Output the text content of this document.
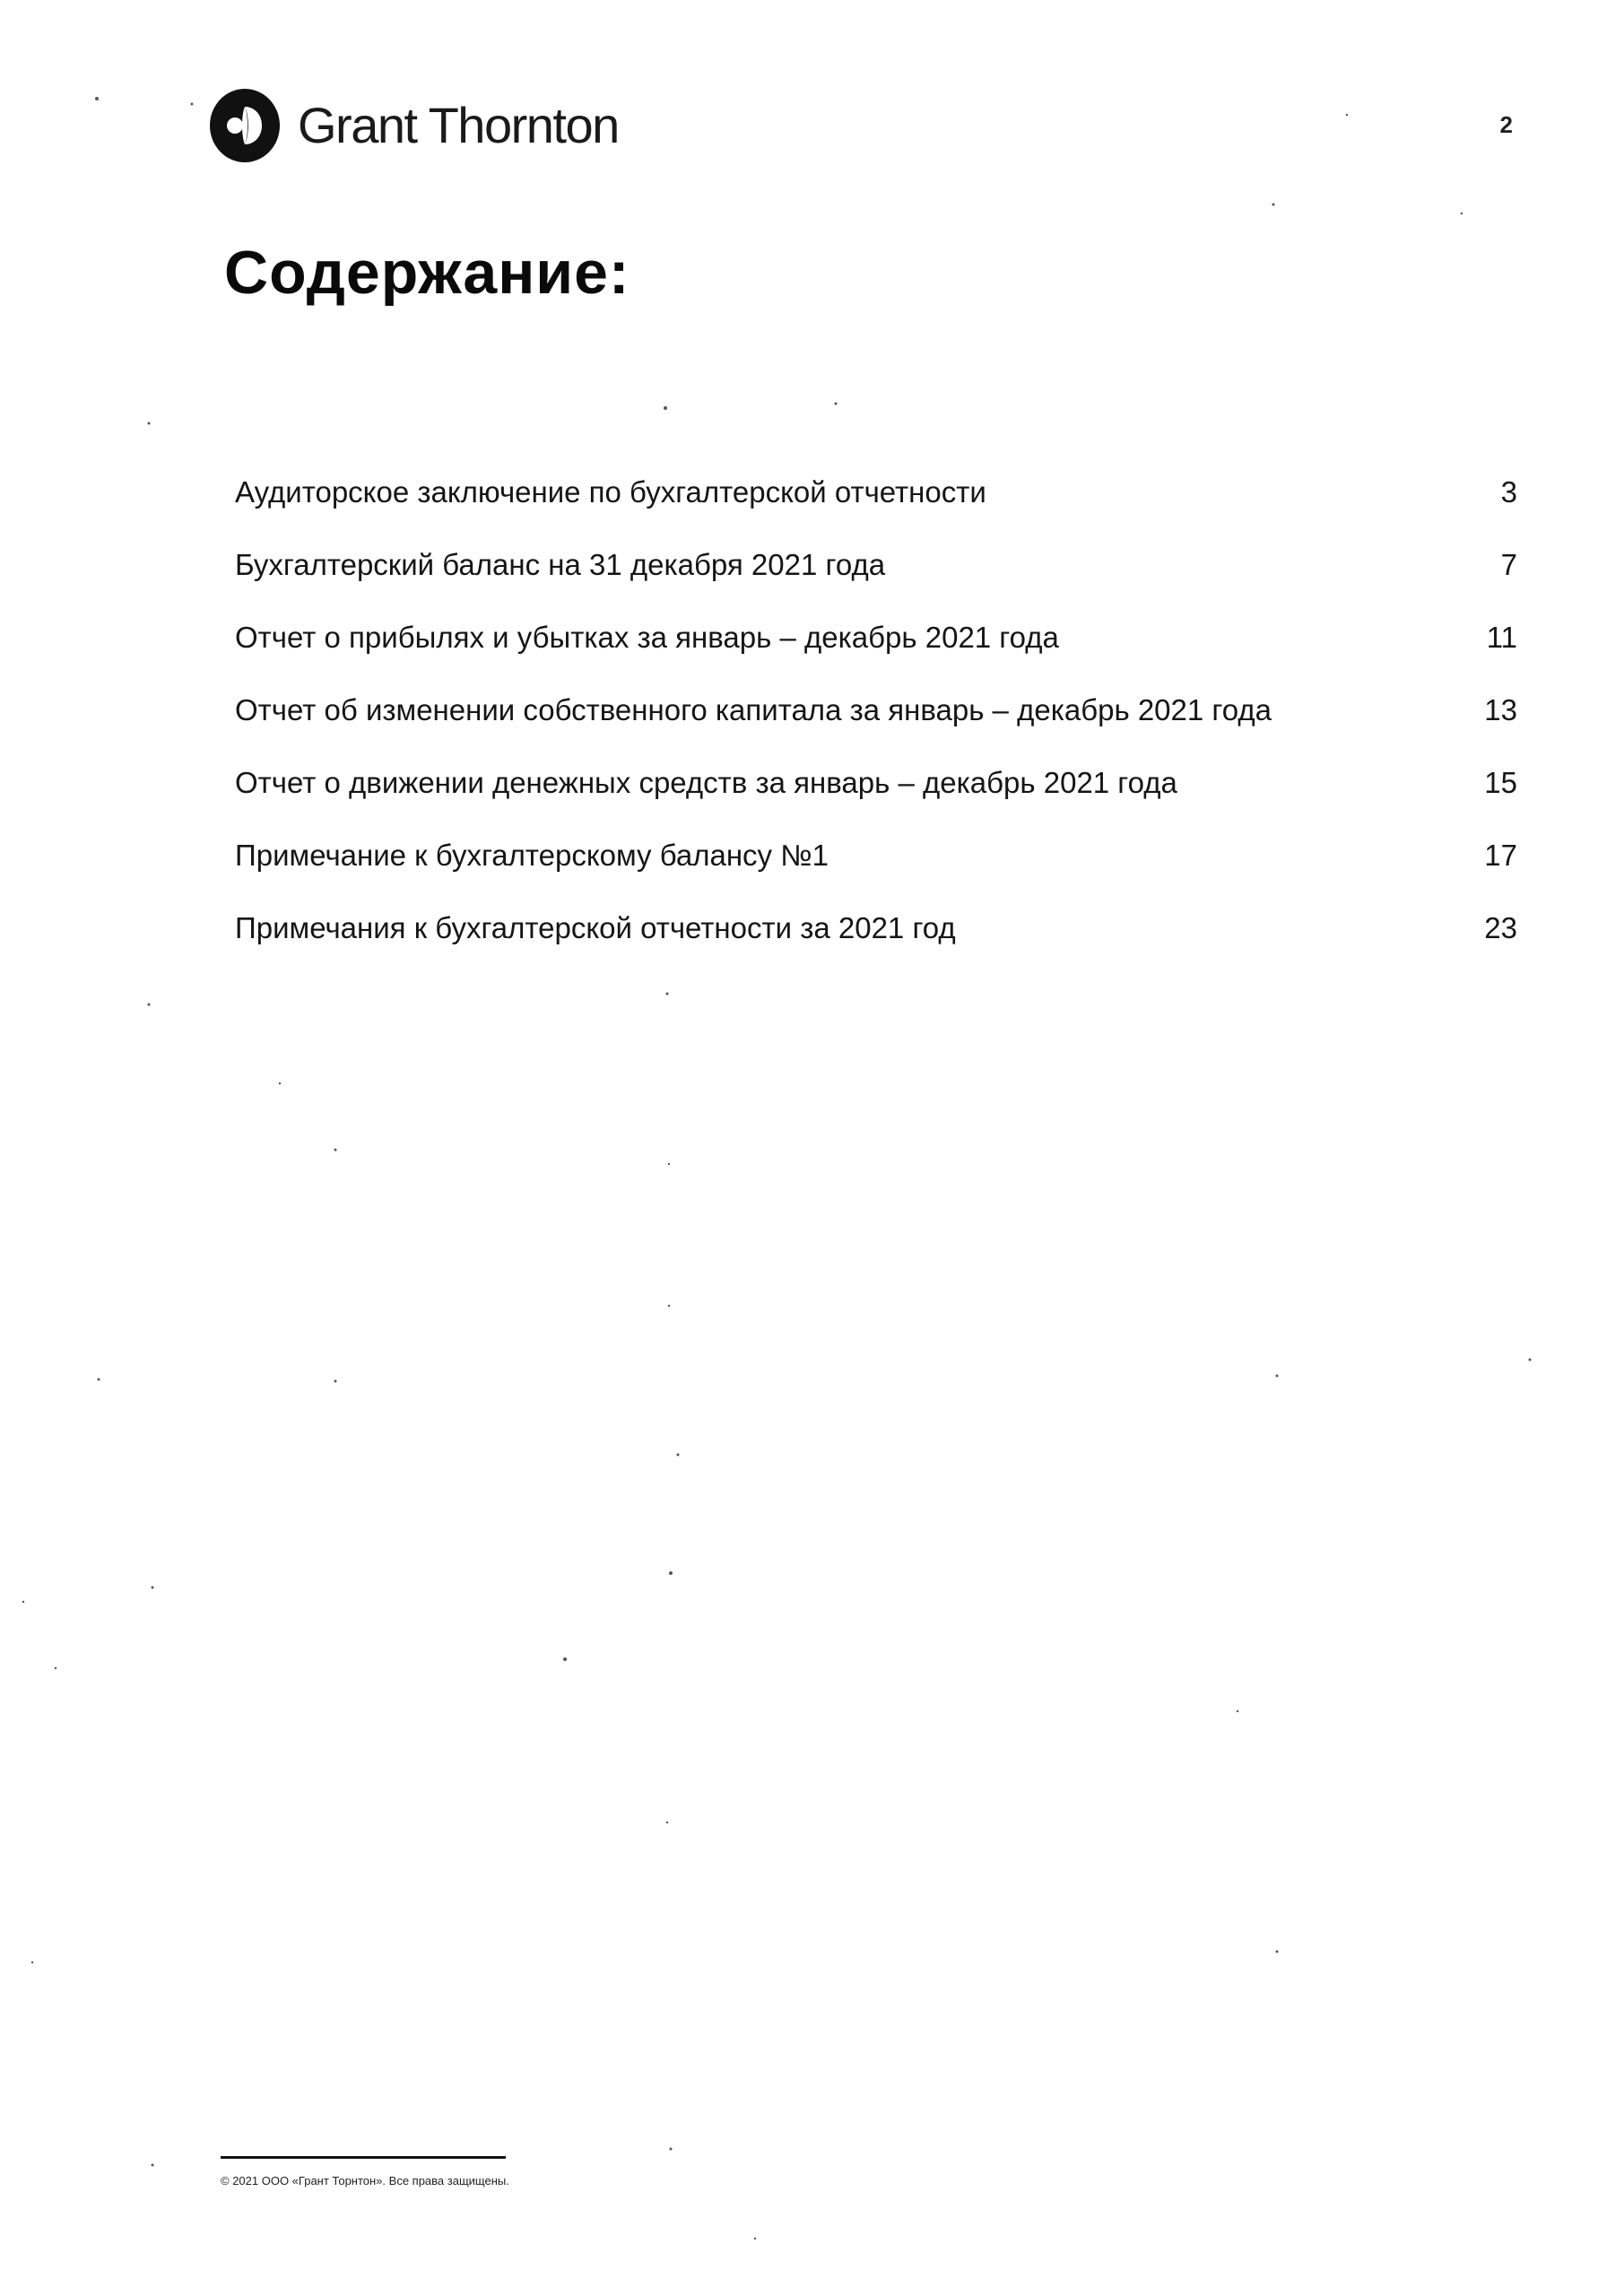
Grant Thornton	2
Содержание:
Аудиторское заключение по бухгалтерской отчетности	3
Бухгалтерский баланс на 31 декабря 2021 года	7
Отчет о прибылях и убытках за январь – декабрь 2021 года	11
Отчет об изменении собственного капитала за январь – декабрь 2021 года	13
Отчет о движении денежных средств за январь – декабрь 2021 года	15
Примечание к бухгалтерскому балансу №1	17
Примечания к бухгалтерской отчетности за 2021 год	23
© 2021 ООО «Грант Торнтон». Все права защищены.
